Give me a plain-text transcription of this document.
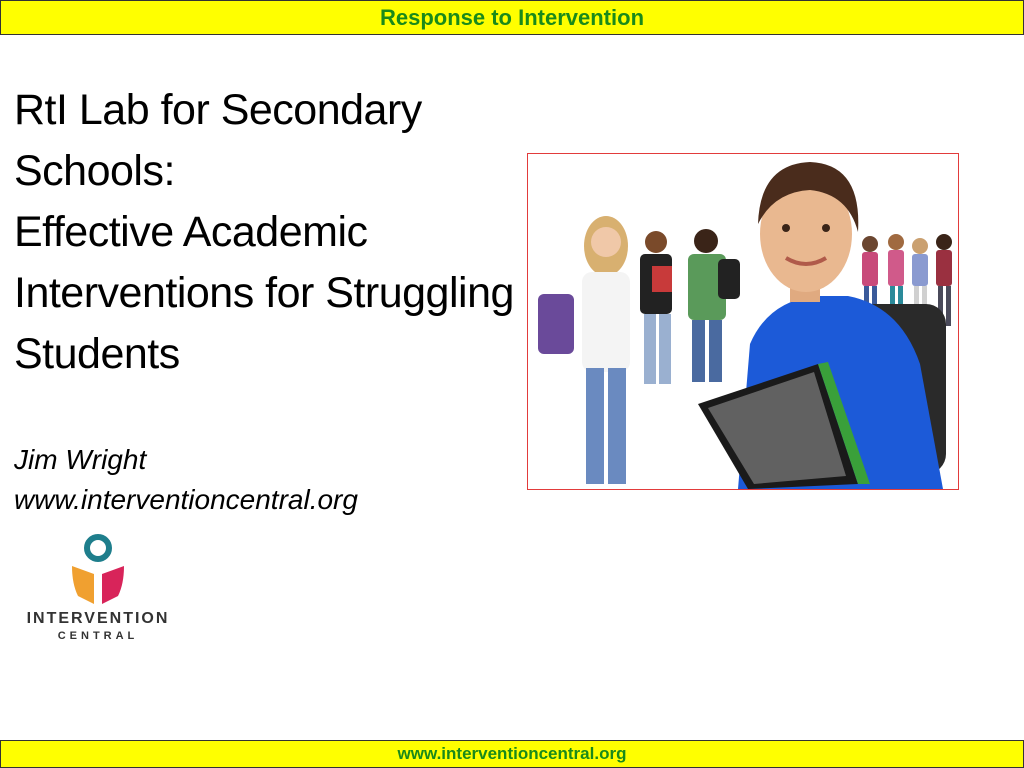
Response to Intervention
RtI Lab for Secondary
Schools:
Effective Academic
Interventions for Struggling
Students
Jim Wright
www.interventioncentral.org
INTERVENTION
CENTRAL
www.interventioncentral.org
